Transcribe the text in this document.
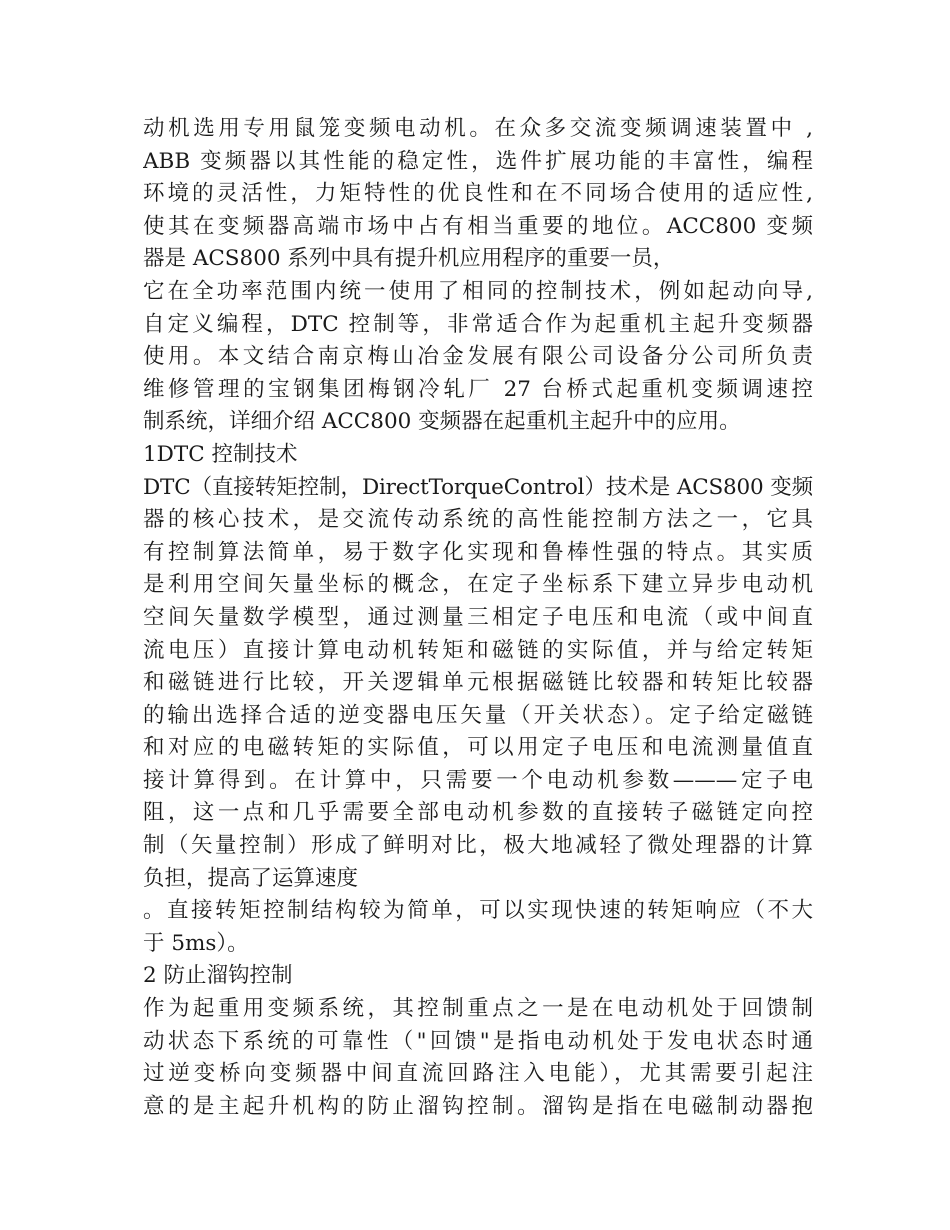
动机选用专用鼠笼变频电动机。在众多交流变频调速装置中 ,
ABB 变频器以其性能的稳定性，选件扩展功能的丰富性，编程
环境的灵活性，力矩特性的优良性和在不同场合使用的适应性,
使其在变频器高端市场中占有相当重要的地位。ACC800 变频
器是 ACS800 系列中具有提升机应用程序的重要一员，
它在全功率范围内统一使用了相同的控制技术，例如起动向导,
自定义编程，DTC 控制等，非常适合作为起重机主起升变频器
使用。本文结合南京梅山冶金发展有限公司设备分公司所负责
维修管理的宝钢集团梅钢冷轧厂 27 台桥式起重机变频调速控
制系统，详细介绍 ACC800 变频器在起重机主起升中的应用。
1DTC 控制技术
DTC（直接转矩控制，DirectTorqueControl）技术是 ACS800 变频
器的核心技术，是交流传动系统的高性能控制方法之一，它具
有控制算法简单，易于数字化实现和鲁棒性强的特点。其实质
是利用空间矢量坐标的概念，在定子坐标系下建立异步电动机
空间矢量数学模型，通过测量三相定子电压和电流（或中间直
流电压）直接计算电动机转矩和磁链的实际值，并与给定转矩
和磁链进行比较，开关逻辑单元根据磁链比较器和转矩比较器
的输出选择合适的逆变器电压矢量（开关状态）。定子给定磁链
和对应的电磁转矩的实际值，可以用定子电压和电流测量值直
接计算得到。在计算中，只需要一个电动机参数———定子电
阻，这一点和几乎需要全部电动机参数的直接转子磁链定向控
制（矢量控制）形成了鲜明对比，极大地减轻了微处理器的计算
负担，提高了运算速度
。直接转矩控制结构较为简单，可以实现快速的转矩响应（不大
于 5ms）。
2 防止溜钩控制
作为起重用变频系统，其控制重点之一是在电动机处于回馈制
动状态下系统的可靠性（"回馈"是指电动机处于发电状态时通
过逆变桥向变频器中间直流回路注入电能），尤其需要引起注
意的是主起升机构的防止溜钩控制。溜钩是指在电磁制动器抱
